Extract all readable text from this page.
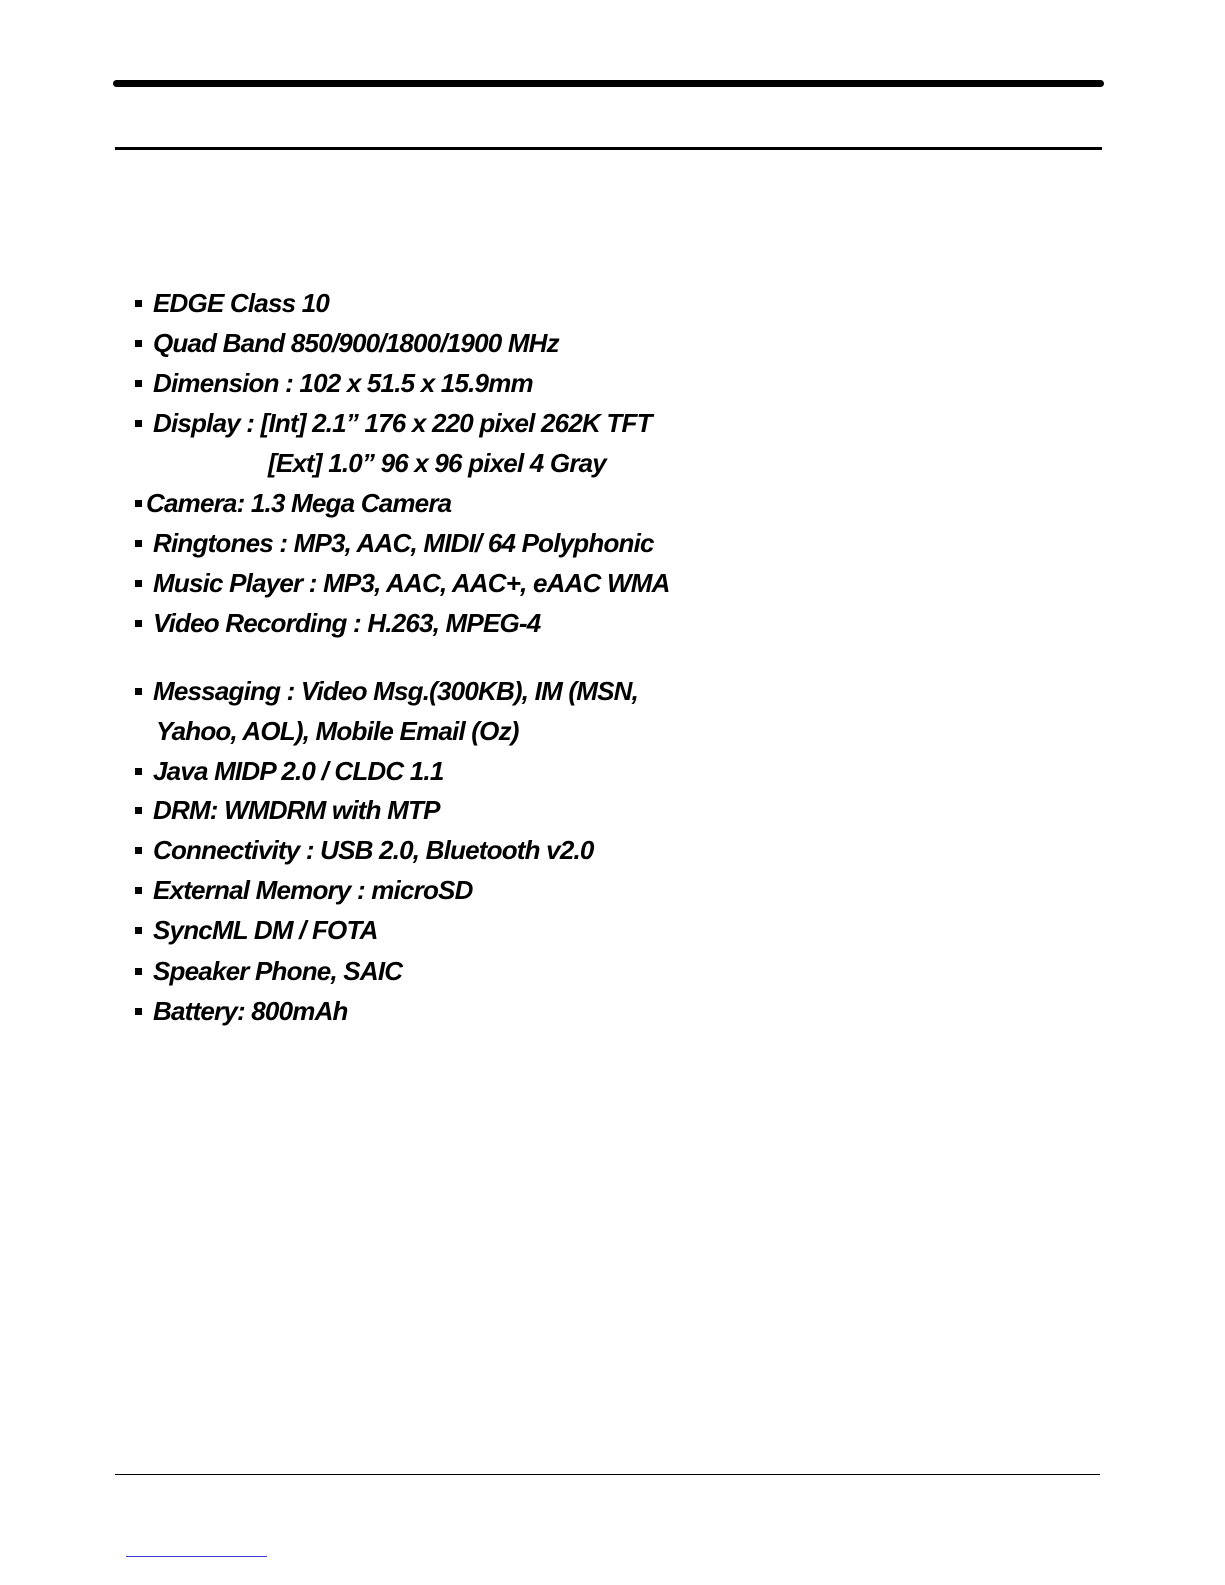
EDGE Class 10
Quad Band 850/900/1800/1900 MHz
Dimension : 102 x 51.5 x 15.9mm
Display : [Int] 2.1” 176 x 220 pixel 262K TFT
[Ext] 1.0” 96 x 96 pixel 4 Gray
Camera: 1.3 Mega Camera
Ringtones : MP3, AAC, MIDI/ 64 Polyphonic
Music Player : MP3, AAC, AAC+, eAAC WMA
Video Recording : H.263, MPEG-4
Messaging : Video Msg.(300KB), IM (MSN,
Yahoo, AOL), Mobile Email (Oz)
Java MIDP 2.0 / CLDC 1.1
DRM: WMDRM with MTP
Connectivity : USB 2.0, Bluetooth v2.0
External Memory : microSD
SyncML DM / FOTA
Speaker Phone, SAIC
Battery: 800mAh
